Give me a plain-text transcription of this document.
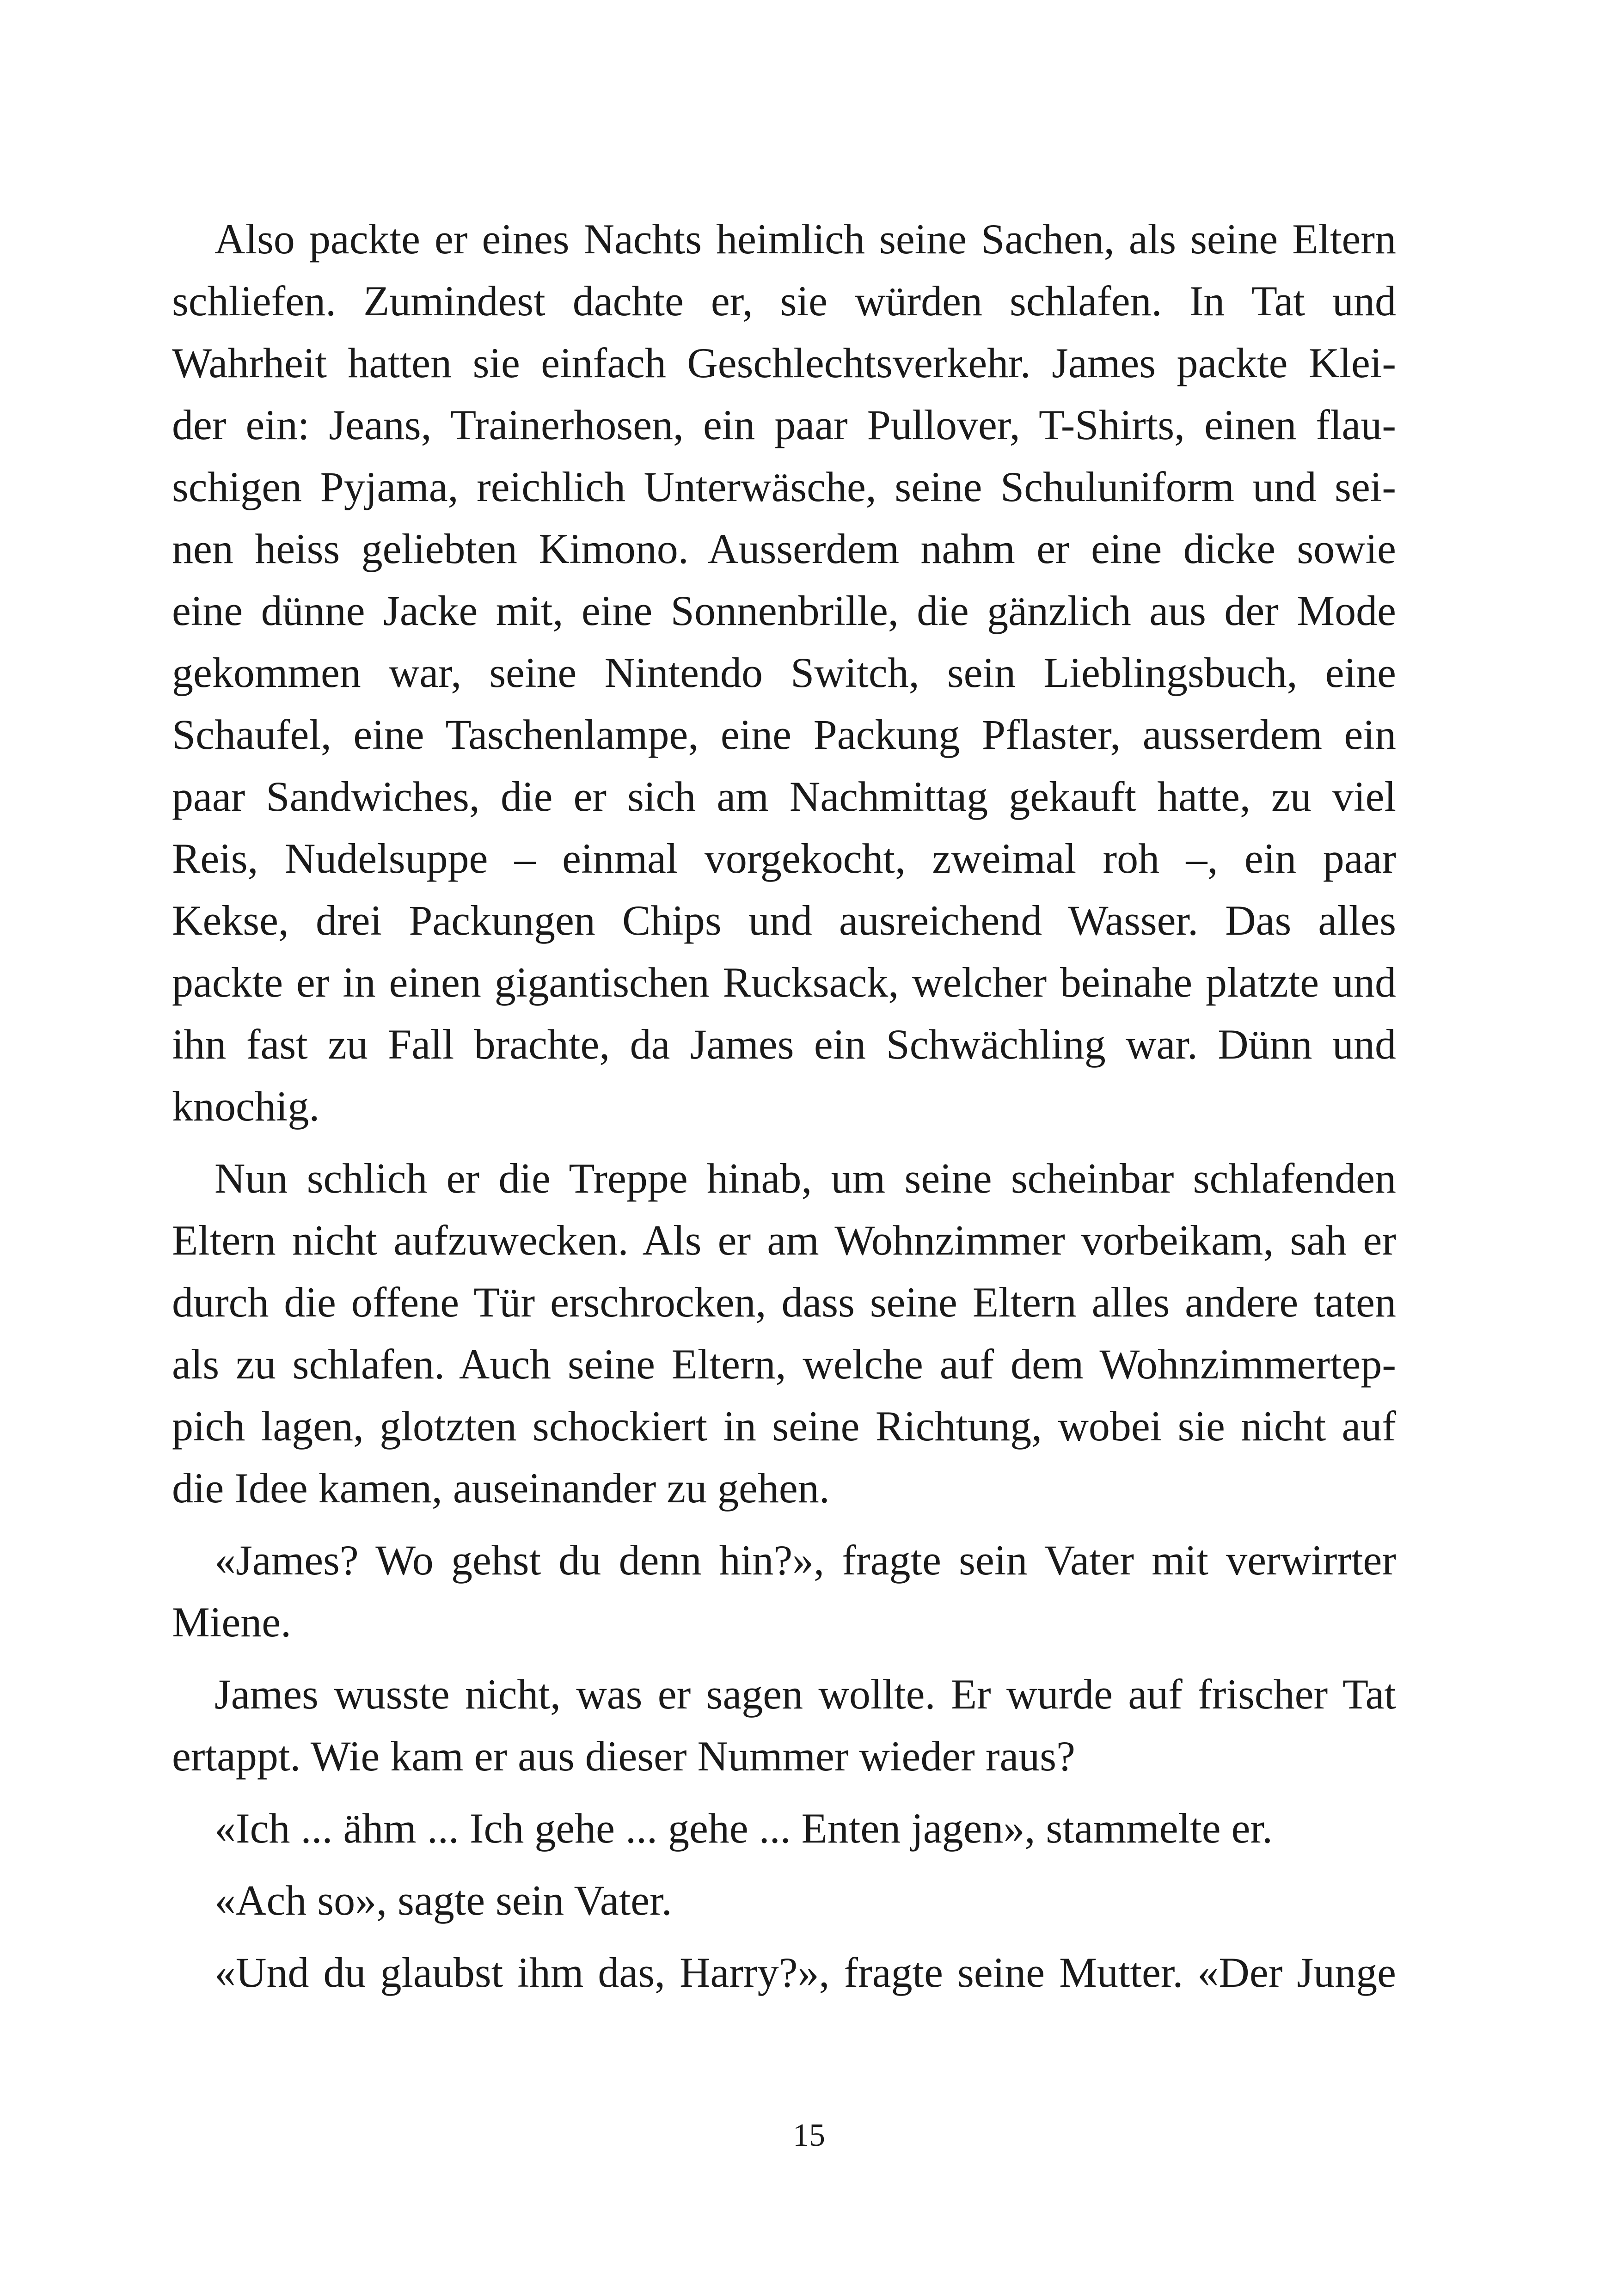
Also packte er eines Nachts heimlich seine Sachen, als seine Eltern
schliefen. Zumindest dachte er, sie würden schlafen. In Tat und
Wahrheit hatten sie einfach Geschlechtsverkehr. James packte Klei-
der ein: Jeans, Trainerhosen, ein paar Pullover, T-Shirts, einen flau-
schigen Pyjama, reichlich Unterwäsche, seine Schuluniform und sei-
nen heiss geliebten Kimono. Ausserdem nahm er eine dicke sowie
eine dünne Jacke mit, eine Sonnenbrille, die gänzlich aus der Mode
gekommen war, seine Nintendo Switch, sein Lieblingsbuch, eine
Schaufel, eine Taschenlampe, eine Packung Pflaster, ausserdem ein
paar Sandwiches, die er sich am Nachmittag gekauft hatte, zu viel
Reis, Nudelsuppe – einmal vorgekocht, zweimal roh –, ein paar
Kekse, drei Packungen Chips und ausreichend Wasser. Das alles
packte er in einen gigantischen Rucksack, welcher beinahe platzte und
ihn fast zu Fall brachte, da James ein Schwächling war. Dünn und
knochig.
Nun schlich er die Treppe hinab, um seine scheinbar schlafenden
Eltern nicht aufzuwecken. Als er am Wohnzimmer vorbeikam, sah er
durch die offene Tür erschrocken, dass seine Eltern alles andere taten
als zu schlafen. Auch seine Eltern, welche auf dem Wohnzimmertep-
pich lagen, glotzten schockiert in seine Richtung, wobei sie nicht auf
die Idee kamen, auseinander zu gehen.
«James? Wo gehst du denn hin?», fragte sein Vater mit verwirrter
Miene.
James wusste nicht, was er sagen wollte. Er wurde auf frischer Tat
ertappt. Wie kam er aus dieser Nummer wieder raus?
«Ich ... ähm ... Ich gehe ... gehe ... Enten jagen», stammelte er.
«Ach so», sagte sein Vater.
«Und du glaubst ihm das, Harry?», fragte seine Mutter. «Der Junge
15
